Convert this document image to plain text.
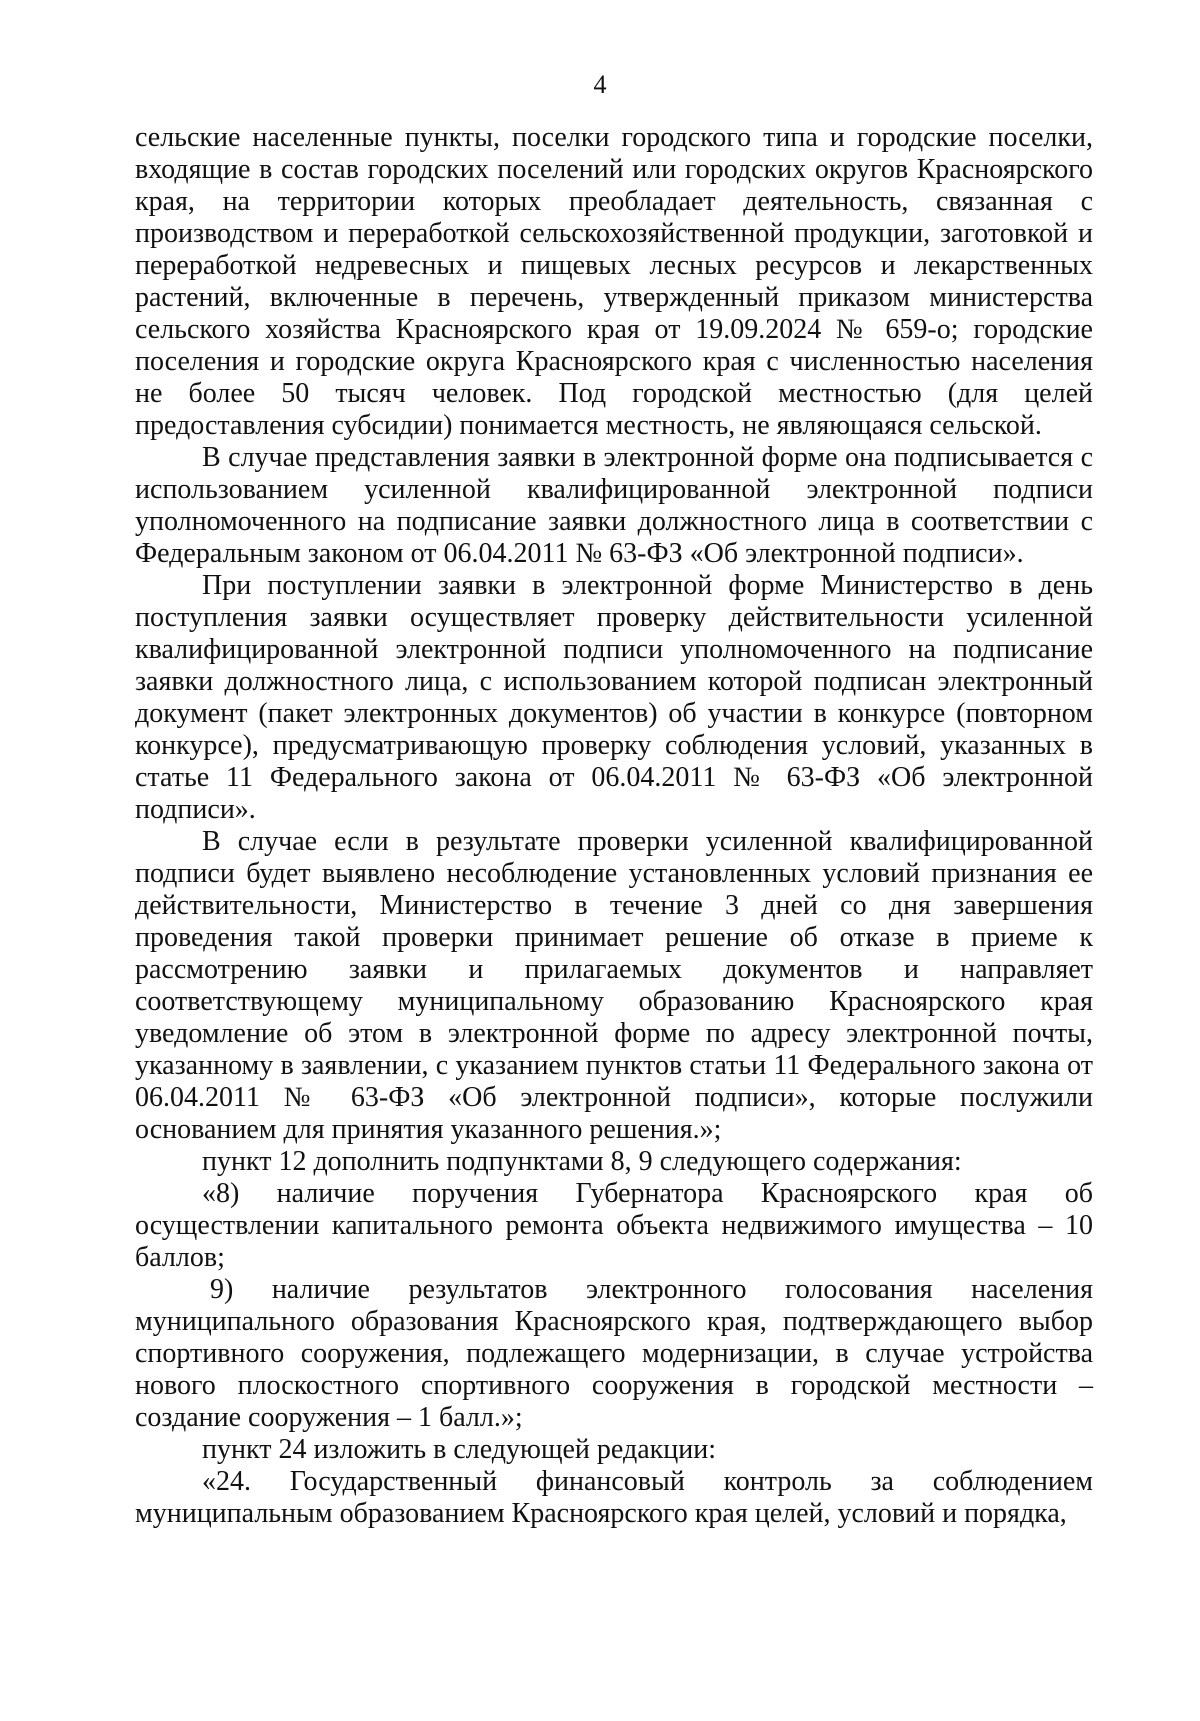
4

сельские населенные пункты, поселки городского типа и городские поселки, входящие в состав городских поселений или городских округов Красноярского края, на территории которых преобладает деятельность, связанная с производством и переработкой сельскохозяйственной продукции, заготовкой и переработкой недревесных и пищевых лесных ресурсов и лекарственных растений, включенные в перечень, утвержденный приказом министерства сельского хозяйства Красноярского края от 19.09.2024 № 659-о; городские поселения и городские округа Красноярского края с численностью населения не более 50 тысяч человек. Под городской местностью (для целей предоставления субсидии) понимается местность, не являющаяся сельской.

В случае представления заявки в электронной форме она подписывается с использованием усиленной квалифицированной электронной подписи уполномоченного на подписание заявки должностного лица в соответствии с Федеральным законом от 06.04.2011 № 63-ФЗ «Об электронной подписи».

При поступлении заявки в электронной форме Министерство в день поступления заявки осуществляет проверку действительности усиленной квалифицированной электронной подписи уполномоченного на подписание заявки должностного лица, с использованием которой подписан электронный документ (пакет электронных документов) об участии в конкурсе (повторном конкурсе), предусматривающую проверку соблюдения условий, указанных в статье 11 Федерального закона от 06.04.2011 № 63-ФЗ «Об электронной подписи».

В случае если в результате проверки усиленной квалифицированной подписи будет выявлено несоблюдение установленных условий признания ее действительности, Министерство в течение 3 дней со дня завершения проведения такой проверки принимает решение об отказе в приеме к рассмотрению заявки и прилагаемых документов и направляет соответствующему муниципальному образованию Красноярского края уведомление об этом в электронной форме по адресу электронной почты, указанному в заявлении, с указанием пунктов статьи 11 Федерального закона от 06.04.2011 № 63-ФЗ «Об электронной подписи», которые послужили основанием для принятия указанного решения.»;

пункт 12 дополнить подпунктами 8, 9 следующего содержания:

«8) наличие поручения Губернатора Красноярского края об осуществлении капитального ремонта объекта недвижимого имущества – 10 баллов;

9) наличие результатов электронного голосования населения муниципального образования Красноярского края, подтверждающего выбор спортивного сооружения, подлежащего модернизации, в случае устройства нового плоскостного спортивного сооружения в городской местности – создание сооружения – 1 балл.»;

пункт 24 изложить в следующей редакции:

«24. Государственный финансовый контроль за соблюдением муниципальным образованием Красноярского края целей, условий и порядка,
